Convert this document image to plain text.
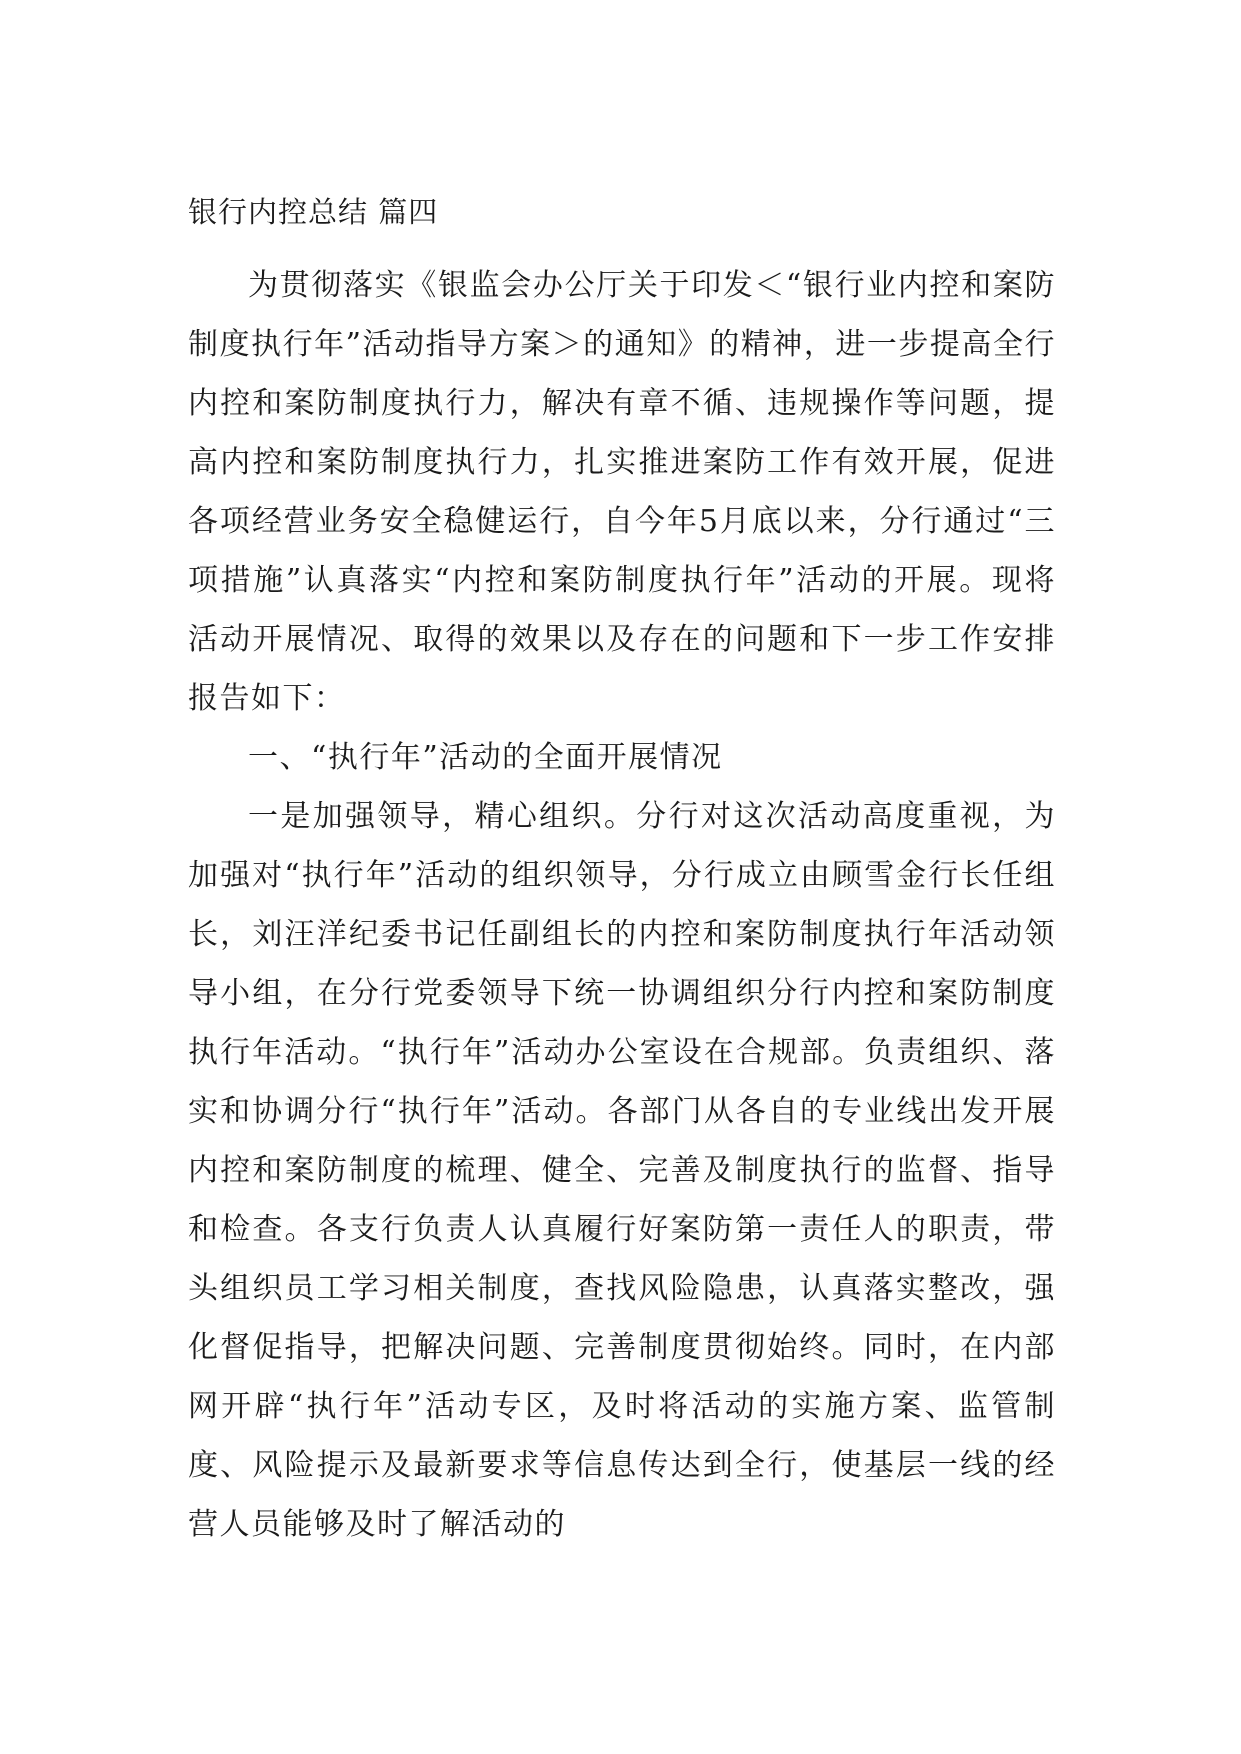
银行内控总结 篇四

为贯彻落实《银监会办公厅关于印发＜“银行业内控和案防制度执行年”活动指导方案＞的通知》的精神，进一步提高全行内控和案防制度执行力，解决有章不循、违规操作等问题，提高内控和案防制度执行力，扎实推进案防工作有效开展，促进各项经营业务安全稳健运行，自今年5月底以来，分行通过“三项措施”认真落实“内控和案防制度执行年”活动的开展。现将活动开展情况、取得的效果以及存在的问题和下一步工作安排报告如下：

一、“执行年”活动的全面开展情况

一是加强领导，精心组织。分行对这次活动高度重视，为加强对“执行年”活动的组织领导，分行成立由顾雪金行长任组长，刘汪洋纪委书记任副组长的内控和案防制度执行年活动领导小组，在分行党委领导下统一协调组织分行内控和案防制度执行年活动。“执行年”活动办公室设在合规部。负责组织、落实和协调分行“执行年”活动。各部门从各自的专业线出发开展内控和案防制度的梳理、健全、完善及制度执行的监督、指导和检查。各支行负责人认真履行好案防第一责任人的职责，带头组织员工学习相关制度，查找风险隐患，认真落实整改，强化督促指导，把解决问题、完善制度贯彻始终。同时，在内部网开辟“执行年”活动专区，及时将活动的实施方案、监管制度、风险提示及最新要求等信息传达到全行，使基层一线的经营人员能够及时了解活动的
